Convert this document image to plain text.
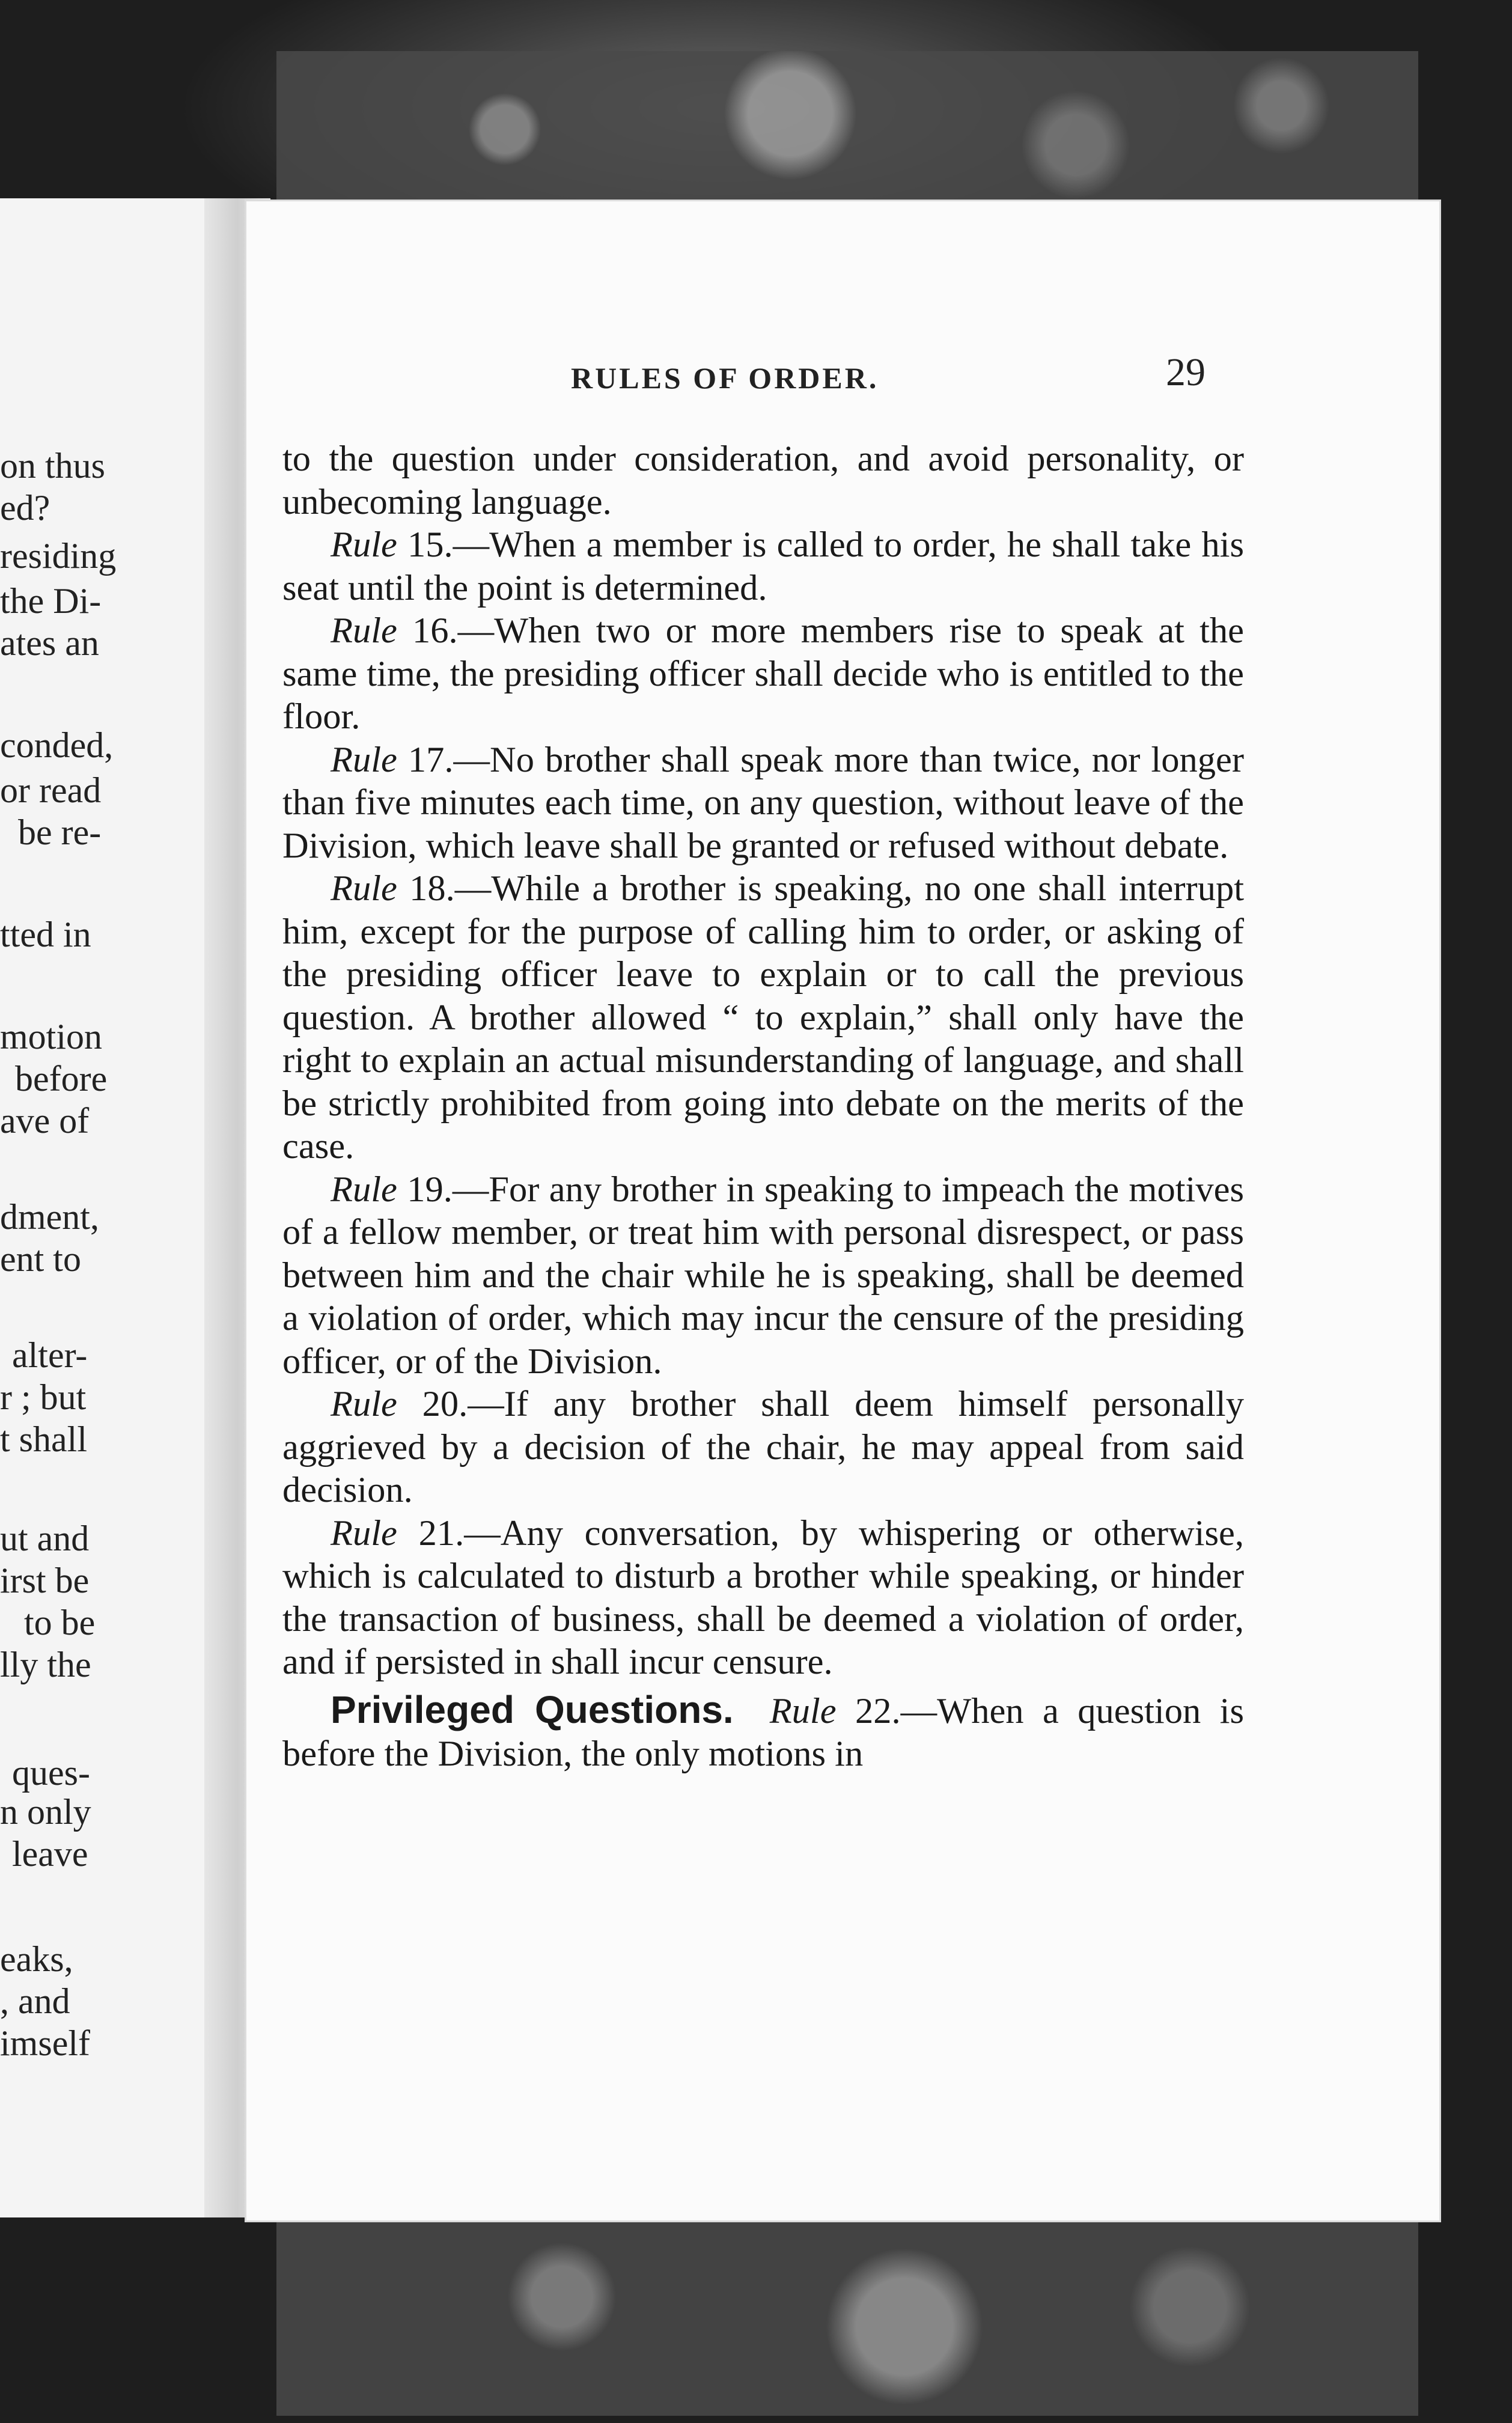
on thus
ed?
residing
the Di-
ates an
conded,
or read
be re-
tted in
motion
before
ave of
dment,
ent to
alter-
r ; but
t shall
ut and
irst be
to be
lly the
ques-
n only
leave
eaks,
, and
imself
RULES OF ORDER.	29

to the question under consideration, and avoid personality, or unbecoming language.

Rule 15.—When a member is called to order, he shall take his seat until the point is determined.

Rule 16.—When two or more members rise to speak at the same time, the presiding officer shall decide who is entitled to the floor.

Rule 17.—No brother shall speak more than twice, nor longer than five minutes each time, on any question, without leave of the Division, which leave shall be granted or refused without debate.

Rule 18.—While a brother is speaking, no one shall interrupt him, except for the purpose of calling him to order, or asking of the presiding officer leave to explain or to call the previous question. A brother allowed “ to explain,” shall only have the right to explain an actual misunderstanding of language, and shall be strictly prohibited from going into debate on the merits of the case.

Rule 19.—For any brother in speaking to impeach the motives of a fellow member, or treat him with personal disrespect, or pass between him and the chair while he is speaking, shall be deemed a violation of order, which may incur the censure of the presiding officer, or of the Division.

Rule 20.—If any brother shall deem himself personally aggrieved by a decision of the chair, he may appeal from said decision.

Rule 21.—Any conversation, by whispering or otherwise, which is calculated to disturb a brother while speaking, or hinder the transaction of business, shall be deemed a violation of order, and if persisted in shall incur censure.

Privileged Questions. Rule 22.—When a question is before the Division, the only motions in
